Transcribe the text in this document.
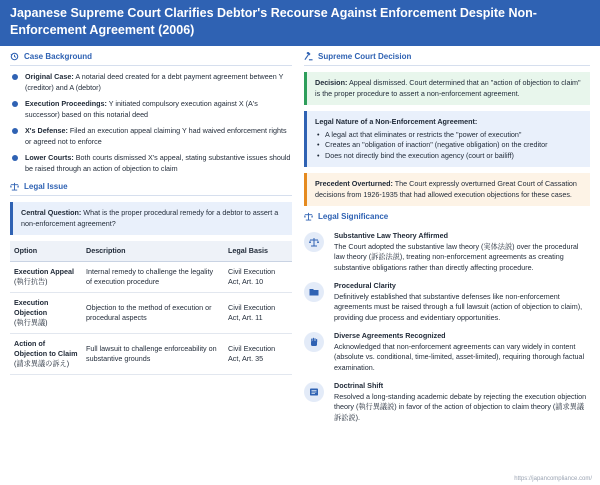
Japanese Supreme Court Clarifies Debtor's Recourse Against Enforcement Despite Non-Enforcement Agreement (2006)
Case Background
Original Case: A notarial deed created for a debt payment agreement between Y (creditor) and A (debtor)
Execution Proceedings: Y initiated compulsory execution against X (A's successor) based on this notarial deed
X's Defense: Filed an execution appeal claiming Y had waived enforcement rights or agreed not to enforce
Lower Courts: Both courts dismissed X's appeal, stating substantive issues should be raised through an action of objection to claim
Legal Issue
Central Question: What is the proper procedural remedy for a debtor to assert a non-enforcement agreement?
Option	Description	Legal Basis
Execution Appeal
(執行抗告)	Internal remedy to challenge the legality of execution procedure	Civil Execution Act, Art. 10
Execution Objection
(執行異議)	Objection to the method of execution or procedural aspects	Civil Execution Act, Art. 11
Action of Objection to Claim
(請求異議の訴え)	Full lawsuit to challenge enforceability on substantive grounds	Civil Execution Act, Art. 35
Supreme Court Decision
Decision: Appeal dismissed. Court determined that an "action of objection to claim" is the proper procedure to assert a non-enforcement agreement.
Legal Nature of a Non-Enforcement Agreement:
• A legal act that eliminates or restricts the "power of execution"
• Creates an "obligation of inaction" (negative obligation) on the creditor
• Does not directly bind the execution agency (court or bailiff)
Precedent Overturned: The Court expressly overturned Great Court of Cassation decisions from 1926-1935 that had allowed execution objections for these cases.
Legal Significance
Substantive Law Theory Affirmed
The Court adopted the substantive law theory (実体法説) over the procedural law theory (訴訟法説), treating non-enforcement agreements as creating substantive obligations rather than directly affecting procedure.
Procedural Clarity
Definitively established that substantive defenses like non-enforcement agreements must be raised through a full lawsuit (action of objection to claim), providing due process and evidentiary opportunities.
Diverse Agreements Recognized
Acknowledged that non-enforcement agreements can vary widely in content (absolute vs. conditional, time-limited, asset-limited), requiring thorough factual examination.
Doctrinal Shift
Resolved a long-standing academic debate by rejecting the execution objection theory (執行異議説) in favor of the action of objection to claim theory (請求異議訴訟説).
https://japancompliance.com/
